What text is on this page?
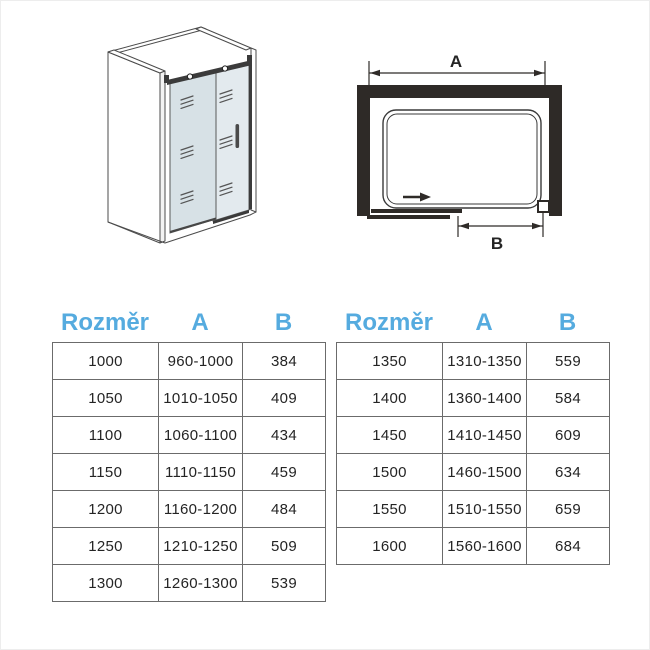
A
B
Rozměr	A	B
1000	960-1000	384
1050	1010-1050	409
1100	1060-1100	434
1150	1110-1150	459
1200	1160-1200	484
1250	1210-1250	509
1300	1260-1300	539
Rozměr	A	B
1350	1310-1350	559
1400	1360-1400	584
1450	1410-1450	609
1500	1460-1500	634
1550	1510-1550	659
1600	1560-1600	684
